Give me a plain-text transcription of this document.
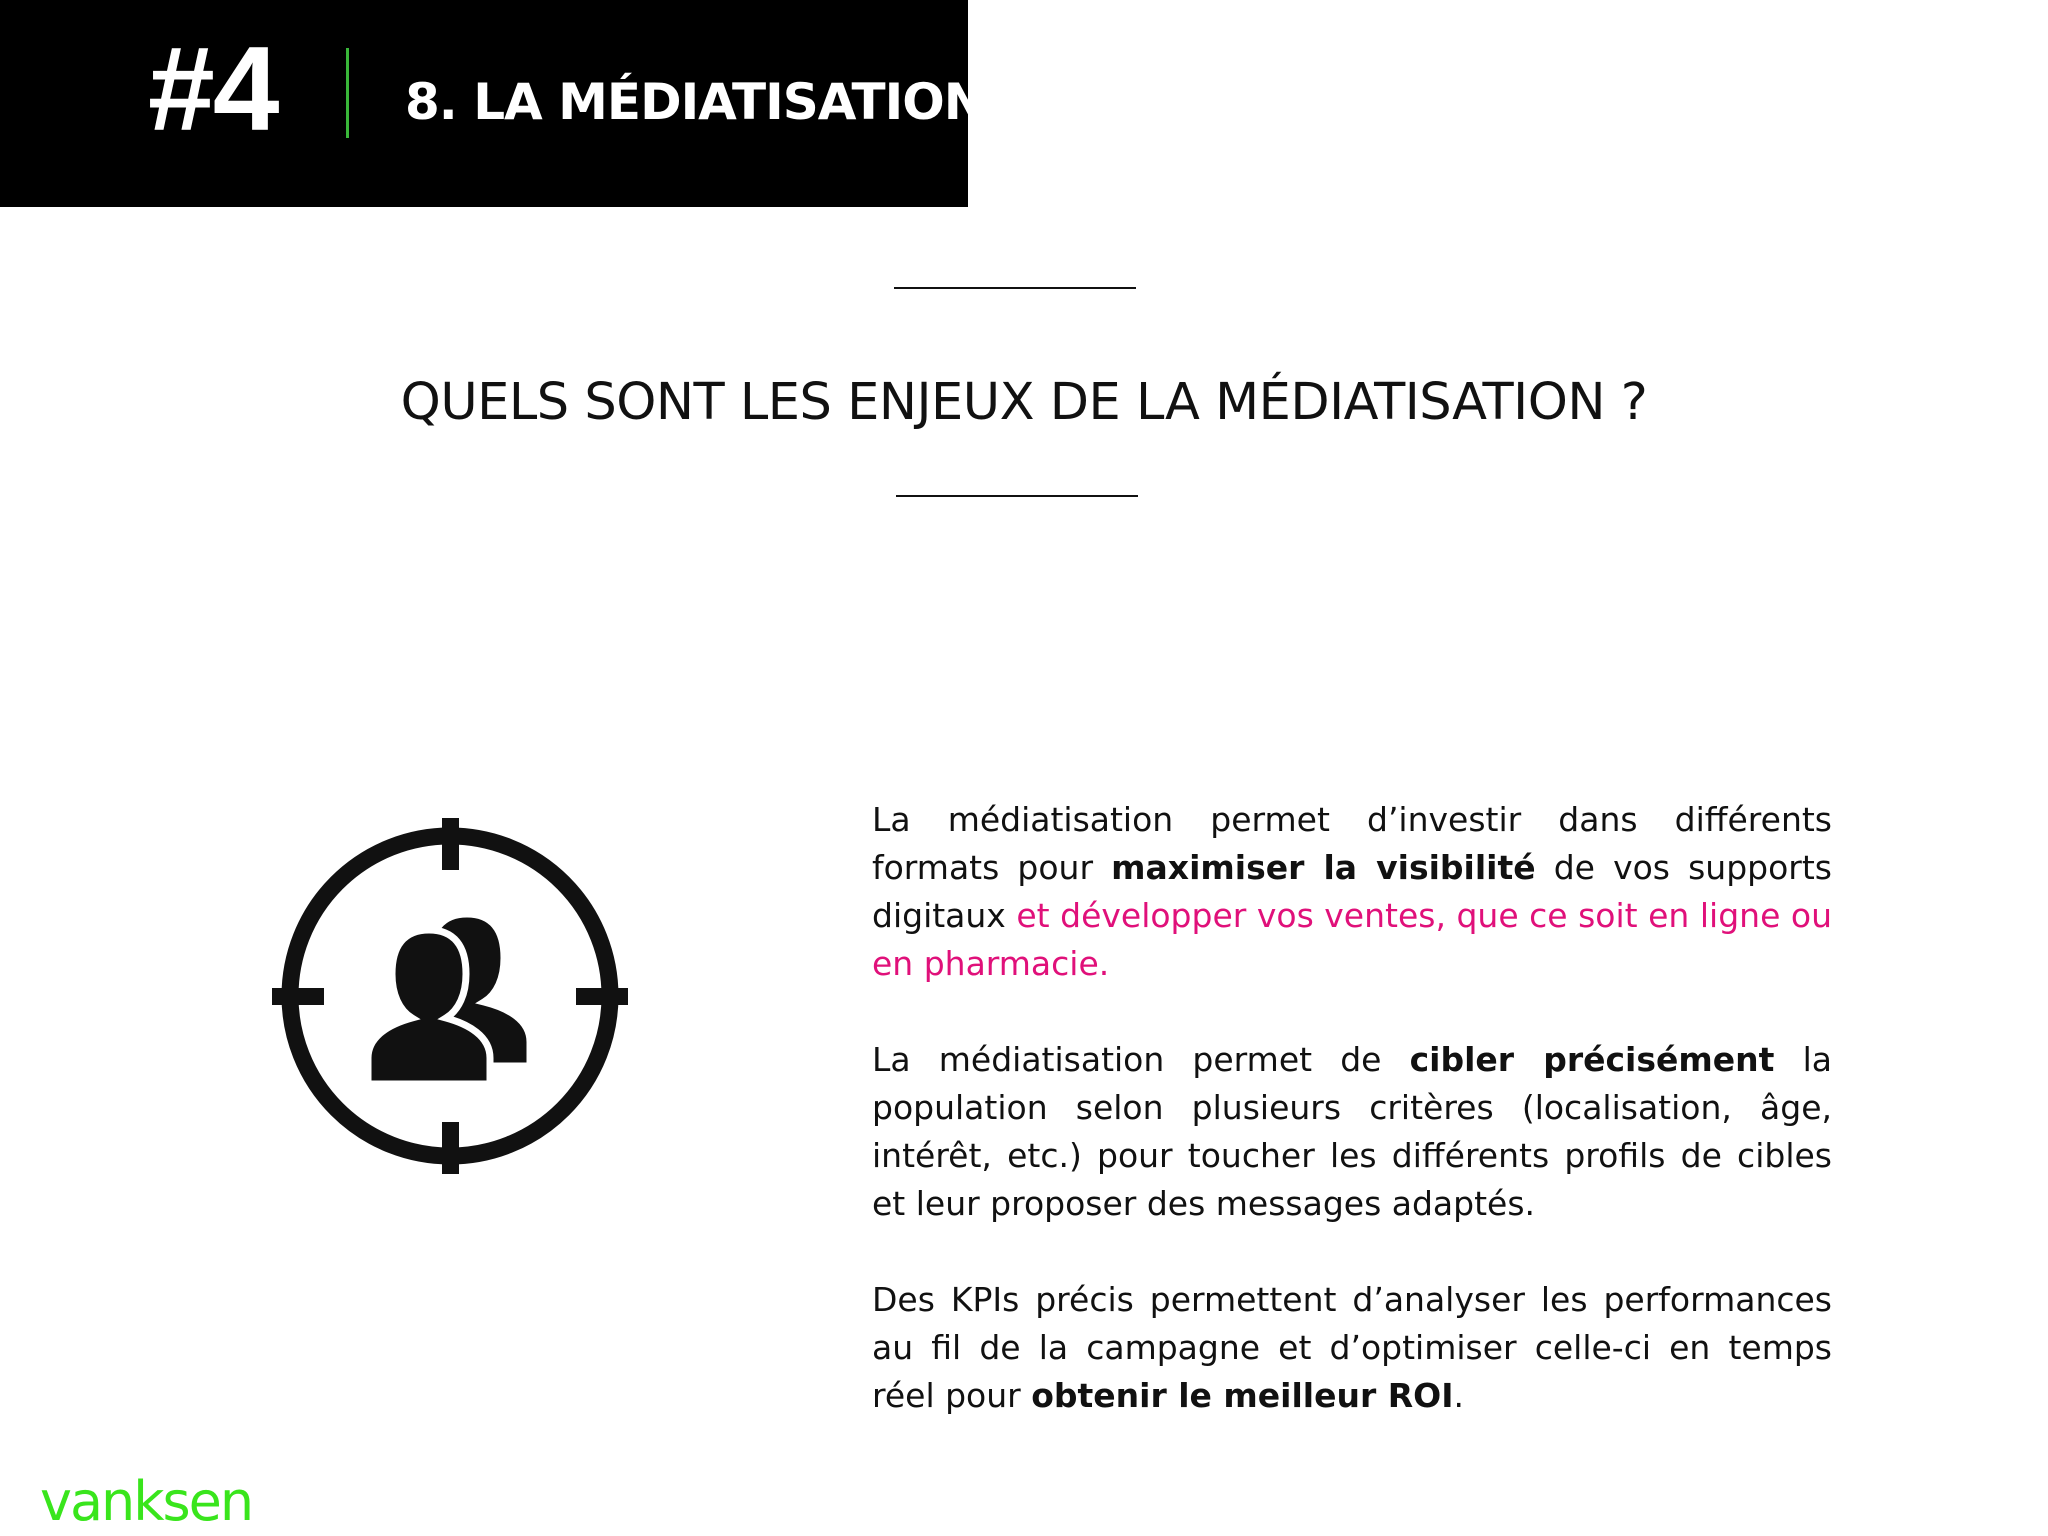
#4	8. LA MÉDIATISATION
QUELS SONT LES ENJEUX DE LA MÉDIATISATION ?

La médiatisation permet d’investir dans différents formats pour maximiser la visibilité de vos supports digitaux et développer vos ventes, que ce soit en ligne ou en pharmacie.

La médiatisation permet de cibler précisément la population selon plusieurs critères (localisation, âge, intérêt, etc.) pour toucher les différents profils de cibles et leur proposer des messages adaptés.

Des KPIs précis permettent d’analyser les performances au fil de la campagne et d’optimiser celle-ci en temps réel pour obtenir le meilleur ROI.

vanksen
